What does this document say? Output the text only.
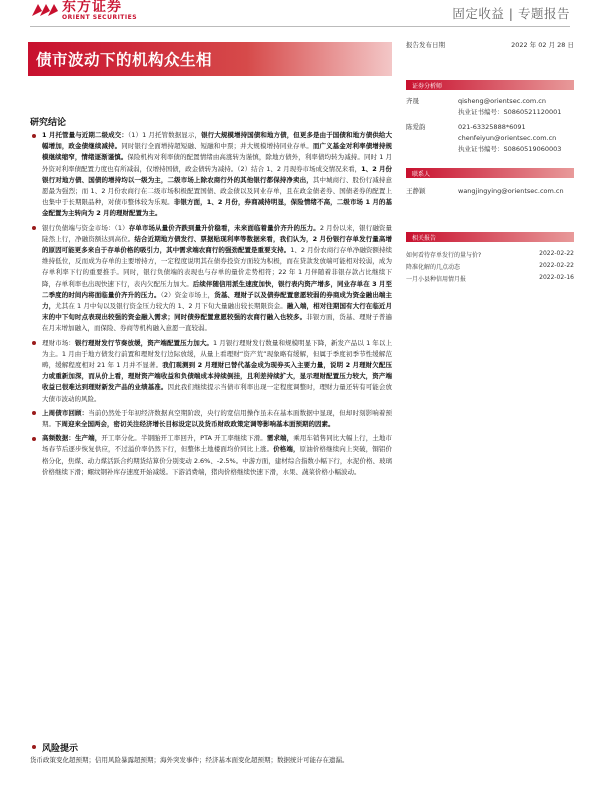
东方证券
ORIENT SECURITIES	固定收益 | 专题报告
债市波动下的机构众生相
研究结论
1 月托管量与近期二级成交：（1）1 月托管数据显示，银行大规模增持国债和地方债，但更多是由于国债和地方债供给大幅增加，政金债继续减持。同时银行全面增持超短融、短融和中票；并大规模增持同业存单。而广义基金对利率债增持规模继续缩窄，情绪逐渐谨慎。保险机构对利率债的配置情绪由高涨转为谨慎，除地方债外，利率债均转为减持。同时 1 月外资对利率债配置力度也有所减弱，仅增持国债，政金债转为减持。（2）结合 1、2 月现券市场成交情况来看，1、2 月份银行对地方债、国债的增持均以一级为主，二级市场上除农商行外的其他银行都保持净卖出，其中城商行、股份行减持意愿最为强烈；而 1、2 月份农商行在二级市场积极配置国债、政金债以及同业存单，且在政金债老券、国债老券的配置上也集中于长期限品种，对债市整体较为乐观。非银方面，1、2 月份，券商减持明显，保险情绪不高，二级市场 1 月的基金配置为主转向为 2 月的理财配置为主。
银行负债端与资金市场：（1）存单市场从量价齐跌到量升价稳看，未来面临着量价齐升的压力。2 月份以来，银行融资量陡然上行，净融资额达到高位。结合近期地方债发行、票据贴现利率等数据来看，我们认为，2 月份银行存单发行量高增的原因可能更多来自于存单价格的吸引力，其中需求端农商行的强劲配置是重要支持。1、2 月份农商行存单净融资额持续维持低位，反而成为存单的主要增持方，一定程度说明其在债券投资方面较为积极，而在贷款发放端可能相对较弱，成为存单利率下行的重要推手。同时，银行负债端的表现也与存单的量价走势相符；22 年 1 月伴随着非银存款占比继续下降，存单利率也出现快速下行，表内欠配压力加大。后续伴随信用派生速度加快，银行表内资产增多，同业存单在 3 月至二季度的时间内将面临量价齐升的压力。（2）资金市场上，货基、理财子以及债券配置意愿较弱的券商成为资金融出端主力，尤其在 1 月中旬以及银行资金压力较大的 1、2 月下旬大量融出较长期限资金。融入端，相对往期国有大行在临近月末的中下旬时点表现出较强的资金融入需求；同时债券配置意愿较强的农商行融入也较多。非银方面，货基、理财子普遍在月末增加融入，而保险、券商等机构融入意愿一直较弱。
理财市场：银行理财发行节奏放缓，资产端配置压力加大。1 月银行理财发行数量和规模明显下降，新发产品以 1 年以上为主。1 月由于地方债发行前置和理财发行边际放缓，从量上看理财“资产荒”现象略有缓解，但属于季度初季节性缓解范畴，缓解程度相对 21 年 1 月并不显著。我们观测到 2 月理财已替代基金成为现券买入主要力量，说明 2 月理财欠配压力或重新加深，而从价上看，理财资产端收益和负债端成本持续倒挂，且利差持续扩大，显示理财配置压力较大，资产端收益已很难达到理财新发产品的业绩基准。因此我们继续提示当债市利率出现一定程度调整时，理财力量还转有可能会放大债市波动的风险。
上周债市回顾：当前仍然处于年初经济数据真空期阶段，央行的宽信用操作虽未在基本面数据中显现，但却时刻影响着预期。下周迎来全国两会，密切关注经济增长目标设定以及货币财政政策定调等影响基本面预期的因素。
高频数据：生产端，开工率分化。半钢胎开工率回升，PTA 开工率继续下滑。需求端，乘用车销售同比大幅上行，土地市场春节后逐步恢复供应，不过溢价率仍然下行，但整体土地楼面均价同比上涨。价格端，原油价格继续向上突破，铜铝价格分化，焦煤、动力煤活跃合约期货结算价分别变动 2.6%、-2.5%。中游方面，建材综合指数小幅下行，水泥价格、玻璃价格继续下滑；螺纹钢补库存速度开始减缓。下游消费端，猪肉价格继续快速下滑，水果、蔬菜价格小幅波动。
风险提示
货币政策变化超预期；信用风险暴露超预期；海外突发事件；经济基本面变化超预期；数据统计可能存在遗漏。
报告发布日期	2022 年 02 月 28 日
证券分析师
齐晟	qisheng@orientsec.com.cn
执业证书编号：S0860521120001
陈爱韵	021-63325888*6091
chenfeiyun@orientsec.com.cn
执业证书编号：S0860519060003
联系人
王静颖	wangjingying@orientsec.com.cn
相关报告
如何看待存单发行的量与价?	2022-02-22
降准化解的几点动态	2022-02-22
一月小县种信用情月报	2022-02-16
